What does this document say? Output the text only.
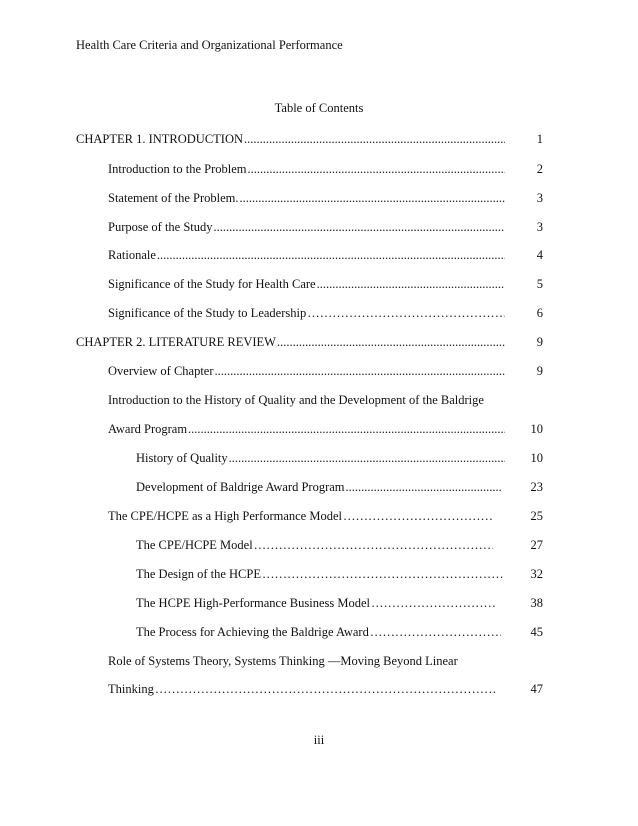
Health Care Criteria and Organizational Performance
Table of Contents
CHAPTER 1. INTRODUCTION .....	1
Introduction to the Problem .....	2
Statement of the Problem. .....	3
Purpose of the Study .....	3
Rationale .....	4
Significance of the Study for Health Care .....	5
Significance of the Study to Leadership ………………………………………………………………………………………………………………………………………………………………………………………………………………	6
CHAPTER 2. LITERATURE REVIEW .....	9
Overview of Chapter .....	9
Introduction to the History of Quality and the Development of the Baldrige
Award Program .....	10
History of Quality .....	10
Development of Baldrige Award Program .....	23
The CPE/HCPE as a High Performance Model ………………………………………………………………………………………………………………………………………………………………………………………………………………	25
The CPE/HCPE Model ………………………………………………………………………………………………………………………………………………………………………………………………………………	27
The Design of the HCPE ………………………………………………………………………………………………………………………………………………………………………………………………………………	32
The HCPE High-Performance Business Model ………………………………………………………………………………………………………………………………………………………………………………………………………………	38
The Process for Achieving the Baldrige Award ………………………………………………………………………………………………………………………………………………………………………………………………………………	45
Role of Systems Theory, Systems Thinking —Moving Beyond Linear
Thinking ………………………………………………………………………………………………………………………………………………………………………………………………………………	47
iii
